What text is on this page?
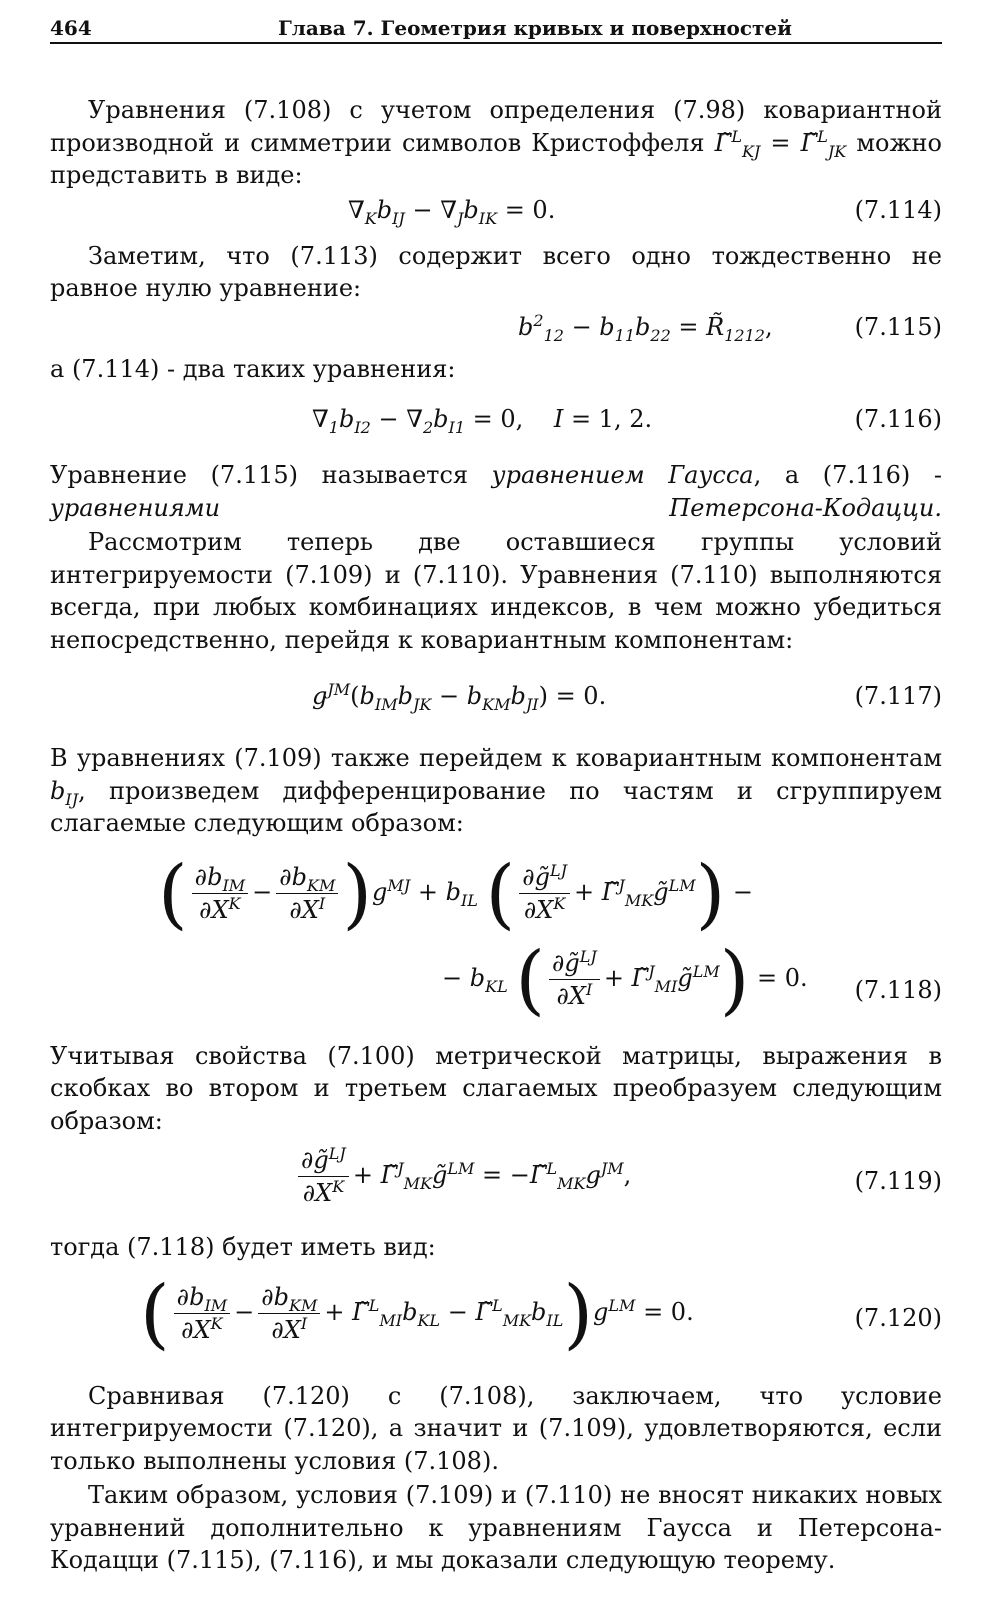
464	Глава 7. Геометрия кривых и поверхностей

Уравнения (7.108) с учетом определения (7.98) ковариантной производной и симметрии символов Кристоффеля Γ̃$^L_{KJ}$ = Γ̃$^L_{JK}$ можно представить в виде:

$\nabla_Kb_{IJ} - \nabla_Jb_{IK} = 0$.	(7.114)

Заметим, что (7.113) содержит всего одно тождественно не равное нулю уравнение:

$b^2_{12} - b_{11}b_{22}$ = $R̃_{1212}$,	(7.115)

а (7.114) - два таких уравнения:

$\nabla_1b_{I2} - \nabla_2b_{I1} = 0$,    I = 1, 2.	(7.116)

Уравнение (7.115) называется уравнением Гаусса, а (7.116) - уравнениями Петерсона-Кодацци.

Рассмотрим теперь две оставшиеся группы условий интегрируемости (7.109) и (7.110). Уравнения (7.110) выполняются всегда, при любых комбинациях индексов, в чем можно убедиться непосредственно, перейдя к ковариантным компонентам:

$g^{JM}(b_{IM}b_{JK} - b_{KM}b_{JI}) = 0$.	(7.117)

В уравнениях (7.109) также перейдем к ковариантным компонентам $b_{IJ}$, произведем дифференцирование по частям и сгруппируем слагаемые следующим образом:

( $\frac{\partial b_{IM}}{\partial X^K} - \frac{\partial b_{KM}}{\partial X^I} )g^{MJ} + b_{IL}$ ( $\frac{\partial g̃^{LJ}}{\partial X^K}$ + Γ̃$^J_{MK}$g̃$^{LM}$) −
− $b_{KL}$ ( $\frac{\partial g̃^{LJ}}{\partial X^I}$ + Γ̃$^J_{MI}$g̃$^{LM}$) = 0. (7.118)

Учитывая свойства (7.100) метрической матрицы, выражения в скобках во втором и третьем слагаемых преобразуем следующим образом:

$\frac{\partial g̃^{LJ}}{\partial X^K}$ + Γ̃$^J_{MK}$g̃$^{LM}$ = $-\Gammã^L_{MK}g^{JM}$,	(7.119)

тогда (7.118) будет иметь вид:

( $\frac{\partial b_{IM}}{\partial X^K} - \frac{\partial b_{KM}}{\partial X^I}$ + $\Gammã^L_{MI}b_{KL}$ − $\Gammã^L_{MK}b_{IL})g^{LM} = 0$.	(7.120)

Сравнивая (7.120) с (7.108), заключаем, что условие интегрируемости (7.120), а значит и (7.109), удовлетворяются, если только выполнены условия (7.108).

Таким образом, условия (7.109) и (7.110) не вносят никаких новых уравнений дополнительно к уравнениям Гаусса и Петерсона-Кодацци (7.115), (7.116), и мы доказали следующую теорему.
